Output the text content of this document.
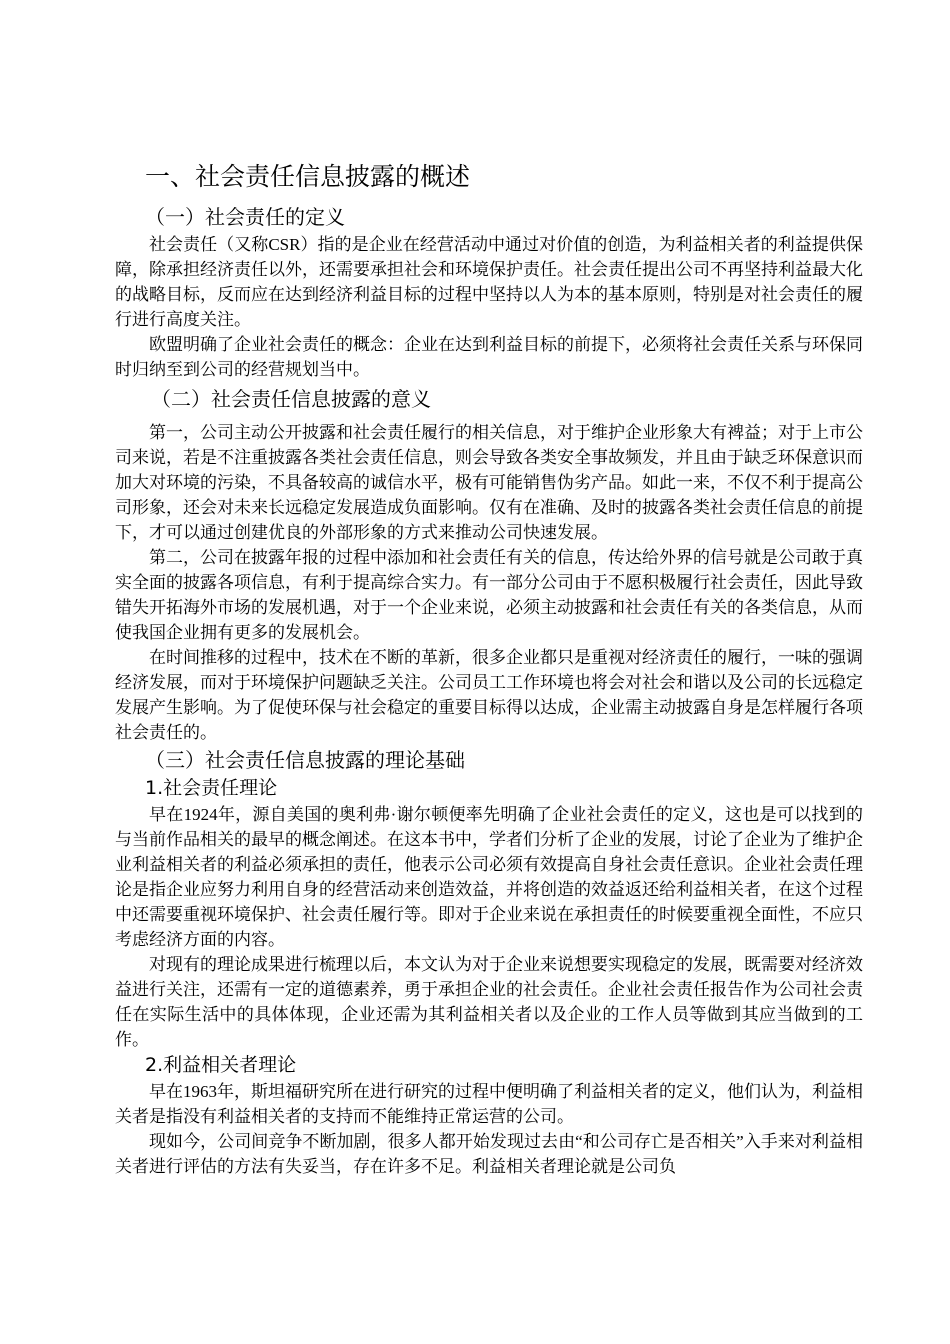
一、社会责任信息披露的概述
（一）社会责任的定义

社会责任（又称CSR）指的是企业在经营活动中通过对价值的创造，为利益相关者的利益提供保障，除承担经济责任以外，还需要承担社会和环境保护责任。社会责任提出公司不再坚持利益最大化的战略目标，反而应在达到经济利益目标的过程中坚持以人为本的基本原则，特别是对社会责任的履行进行高度关注。

欧盟明确了企业社会责任的概念：企业在达到利益目标的前提下，必须将社会责任关系与环保同时归纳至到公司的经营规划当中。

（二）社会责任信息披露的意义

第一，公司主动公开披露和社会责任履行的相关信息，对于维护企业形象大有裨益；对于上市公司来说，若是不注重披露各类社会责任信息，则会导致各类安全事故频发，并且由于缺乏环保意识而加大对环境的污染，不具备较高的诚信水平，极有可能销售伪劣产品。如此一来，不仅不利于提高公司形象，还会对未来长远稳定发展造成负面影响。仅有在准确、及时的披露各类社会责任信息的前提下，才可以通过创建优良的外部形象的方式来推动公司快速发展。

第二，公司在披露年报的过程中添加和社会责任有关的信息，传达给外界的信号就是公司敢于真实全面的披露各项信息，有利于提高综合实力。有一部分公司由于不愿积极履行社会责任，因此导致错失开拓海外市场的发展机遇，对于一个企业来说，必须主动披露和社会责任有关的各类信息，从而使我国企业拥有更多的发展机会。

在时间推移的过程中，技术在不断的革新，很多企业都只是重视对经济责任的履行，一味的强调经济发展，而对于环境保护问题缺乏关注。公司员工工作环境也将会对社会和谐以及公司的长远稳定发展产生影响。为了促使环保与社会稳定的重要目标得以达成，企业需主动披露自身是怎样履行各项社会责任的。

（三）社会责任信息披露的理论基础
1.社会责任理论

早在1924年，源自美国的奥利弗·谢尔顿便率先明确了企业社会责任的定义，这也是可以找到的与当前作品相关的最早的概念阐述。在这本书中，学者们分析了企业的发展，讨论了企业为了维护企业利益相关者的利益必须承担的责任，他表示公司必须有效提高自身社会责任意识。企业社会责任理论是指企业应努力利用自身的经营活动来创造效益，并将创造的效益返还给利益相关者，在这个过程中还需要重视环境保护、社会责任履行等。即对于企业来说在承担责任的时候要重视全面性，不应只考虑经济方面的内容。

对现有的理论成果进行梳理以后，本文认为对于企业来说想要实现稳定的发展，既需要对经济效益进行关注，还需有一定的道德素养，勇于承担企业的社会责任。企业社会责任报告作为公司社会责任在实际生活中的具体体现，企业还需为其利益相关者以及企业的工作人员等做到其应当做到的工作。

2.利益相关者理论

早在1963年，斯坦福研究所在进行研究的过程中便明确了利益相关者的定义，他们认为，利益相关者是指没有利益相关者的支持而不能维持正常运营的公司。

现如今，公司间竞争不断加剧，很多人都开始发现过去由“和公司存亡是否相关”入手来对利益相关者进行评估的方法有失妥当，存在许多不足。利益相关者理论就是公司负
